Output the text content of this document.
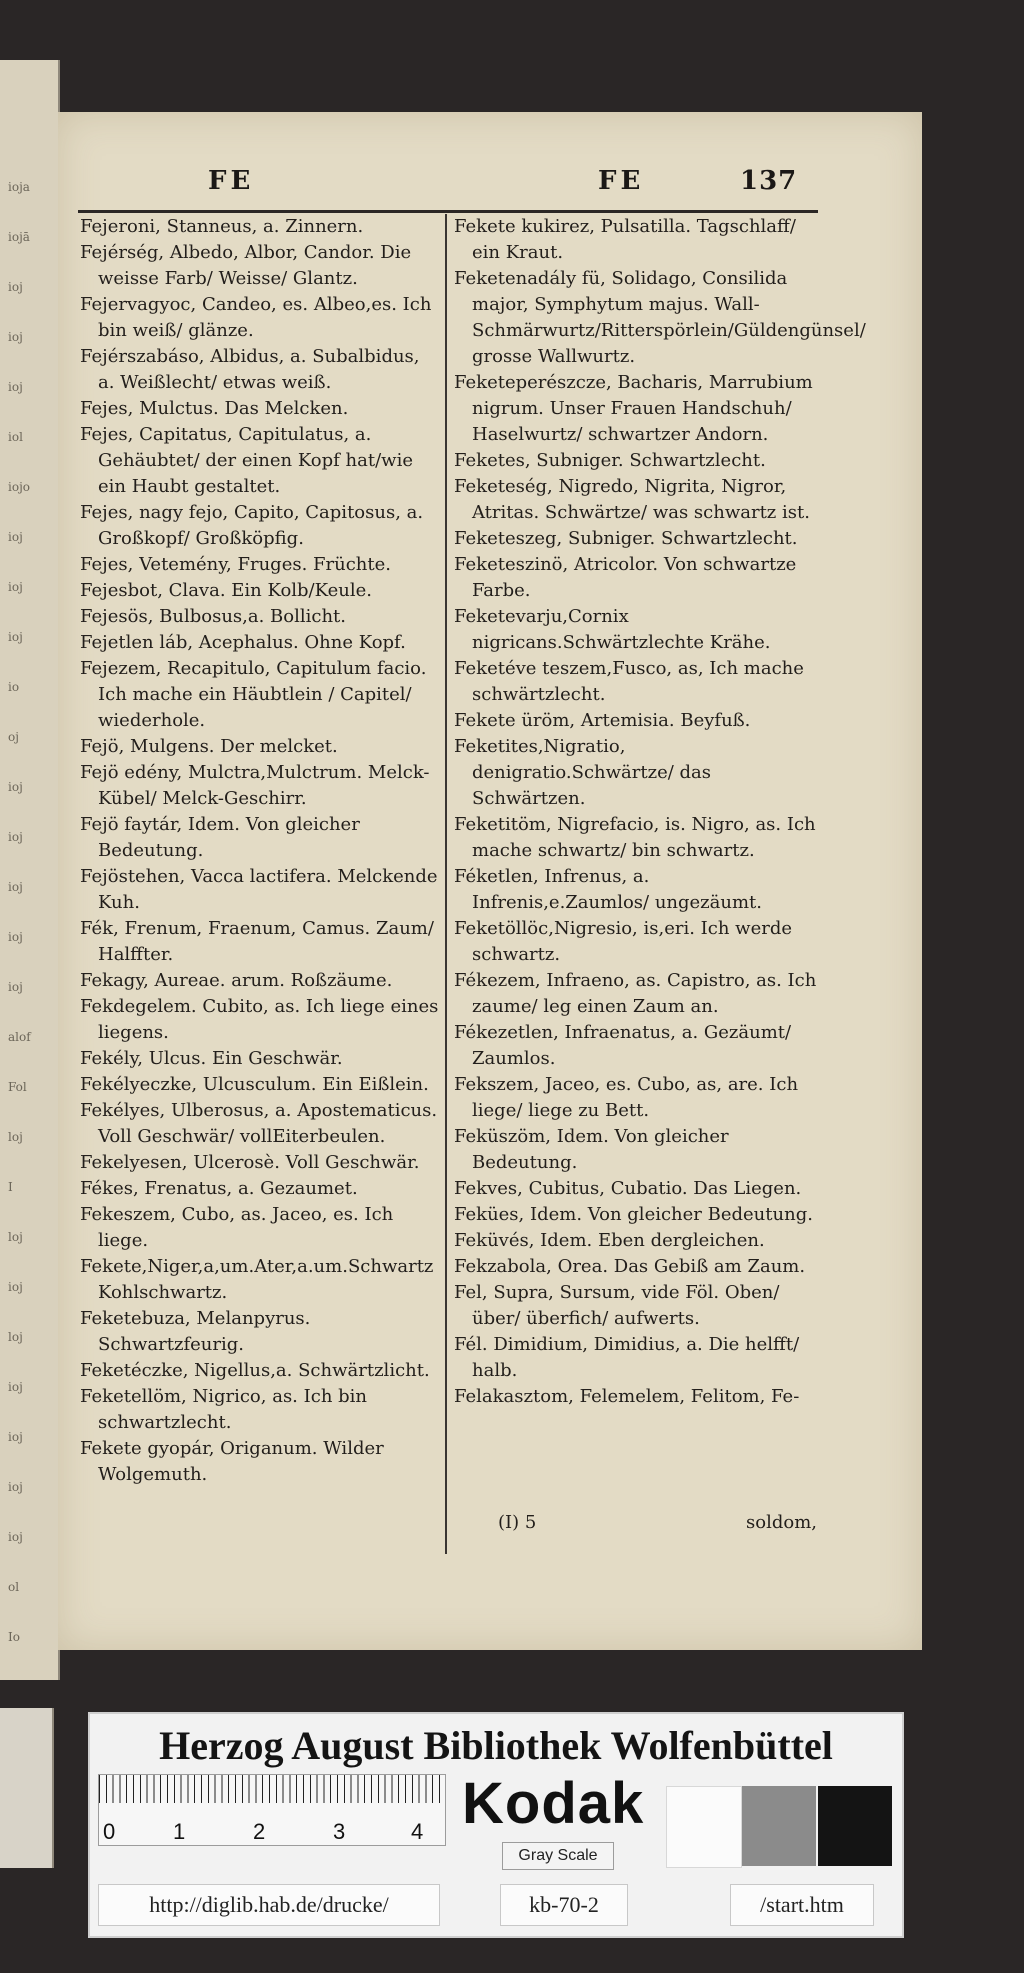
ioja
iojā
ioj
ioj
ioj
iol
iojo
ioj
ioj
ioj
io
oj
ioj
ioj
ioj
ioj
ioj
alof
Fol
loj
I
loj
ioj
loj
ioj
ioj
ioj
ioj
ol
Io
FE	FE	137
Fejeroni, Stanneus, a. Zinnern.
Fejérség, Albedo, Albor, Candor. Die weisse Farb/ Weisse/ Glantz.
Fejervagyoc, Candeo, es. Albeo,es. Ich bin weiß/ glänze.
Fejérszabáso, Albidus, a. Subalbidus, a. Weißlecht/ etwas weiß.
Fejes, Mulctus. Das Melcken.
Fejes, Capitatus, Capitulatus, a. Gehäubtet/ der einen Kopf hat/wie ein Haubt gestaltet.
Fejes, nagy fejo, Capito, Capitosus, a. Großkopf/ Großköpfig.
Fejes, Vetemény, Fruges. Früchte.
Fejesbot, Clava. Ein Kolb/Keule.
Fejesös, Bulbosus,a. Bollicht.
Fejetlen láb, Acephalus. Ohne Kopf.
Fejezem, Recapitulo, Capitulum facio. Ich mache ein Häubtlein / Capitel/ wiederhole.
Fejö, Mulgens. Der melcket.
Fejö edény, Mulctra,Mulctrum. Melck-Kübel/ Melck-Geschirr.
Fejö faytár, Idem. Von gleicher Bedeutung.
Fejöstehen, Vacca lactifera. Melckende Kuh.
Fék, Frenum, Fraenum, Camus. Zaum/ Halffter.
Fekagy, Aureae. arum. Roßzäume.
Fekdegelem. Cubito, as. Ich liege eines liegens.
Fekély, Ulcus. Ein Geschwär.
Fekélyeczke, Ulcusculum. Ein Eißlein.
Fekélyes, Ulberosus, a. Apostematicus. Voll Geschwär/ vollEiterbeulen.
Fekelyesen, Ulcerosè. Voll Geschwär.
Fékes, Frenatus, a. Gezaumet.
Fekeszem, Cubo, as. Jaceo, es. Ich liege.
Fekete,Niger,a,um.Ater,a.um.Schwartz Kohlschwartz.
Feketebuza, Melanpyrus. Schwartzfeurig.
Feketéczke, Nigellus,a. Schwärtzlicht.
Feketellöm, Nigrico, as. Ich bin schwartzlecht.
Fekete gyopár, Origanum. Wilder Wolgemuth.
Fekete kukirez, Pulsatilla. Tagschlaff/ ein Kraut.
Feketenadály fü, Solidago, Consilida major, Symphytum majus. Wall-Schmärwurtz/Ritterspörlein/Güldengünsel/ grosse Wallwurtz.
Feketeperészcze, Bacharis, Marrubium nigrum. Unser Frauen Handschuh/ Haselwurtz/ schwartzer Andorn.
Feketes, Subniger. Schwartzlecht.
Feketeség, Nigredo, Nigrita, Nigror, Atritas. Schwärtze/ was schwartz ist.
Feketeszeg, Subniger. Schwartzlecht.
Feketeszinö, Atricolor. Von schwartze Farbe.
Feketevarju,Cornix nigricans.Schwärtzlechte Krähe.
Feketéve teszem,Fusco, as, Ich mache schwärtzlecht.
Fekete üröm, Artemisia. Beyfuß.
Feketites,Nigratio, denigratio.Schwärtze/ das Schwärtzen.
Feketitöm, Nigrefacio, is. Nigro, as. Ich mache schwartz/ bin schwartz.
Féketlen, Infrenus, a. Infrenis,e.Zaumlos/ ungezäumt.
Feketöllöc,Nigresio, is,eri. Ich werde schwartz.
Fékezem, Infraeno, as. Capistro, as. Ich zaume/ leg einen Zaum an.
Fékezetlen, Infraenatus, a. Gezäumt/ Zaumlos.
Fekszem, Jaceo, es. Cubo, as, are. Ich liege/ liege zu Bett.
Feküszöm, Idem. Von gleicher Bedeutung.
Fekves, Cubitus, Cubatio. Das Liegen.
Fekües, Idem. Von gleicher Bedeutung.
Feküvés, Idem. Eben dergleichen.
Fekzabola, Orea. Das Gebiß am Zaum.
Fel, Supra, Sursum, vide Föl. Oben/ über/ überfich/ aufwerts.
Fél. Dimidium, Dimidius, a. Die helfft/ halb.
Felakasztom, Felemelem, Felitom, Fe-
(I) 5	soldom,
Herzog August Bibliothek Wolfenbüttel
0	1	2	3	4 Kodak
Gray Scale
http://diglib.hab.de/drucke/	kb-70-2	/start.htm
